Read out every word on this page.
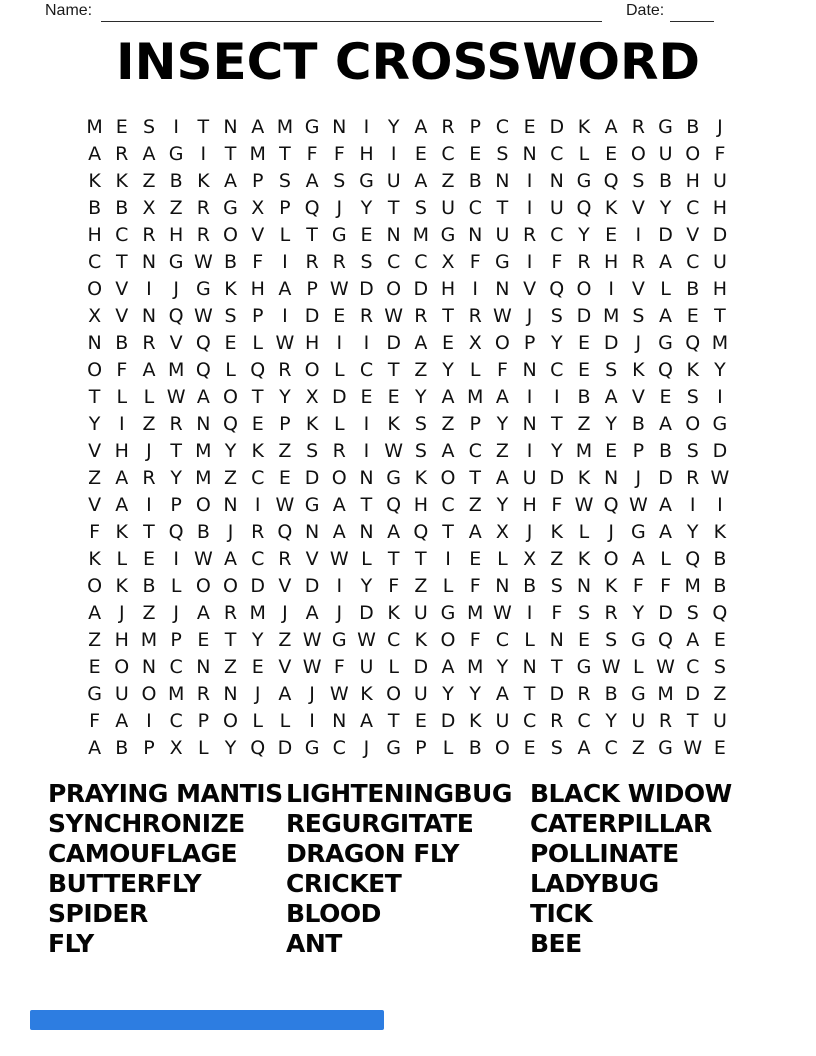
Name:	Date:
INSECT CROSSWORD
M E S I T N A M G N I Y A R P C E D K A R G B J
A R A G I T M T F F H I E C E S N C L E O U O F
K K Z B K A P S A S G U A Z B N I N G Q S B H U
B B X Z R G X P Q J Y T S U C T I U Q K V Y C H
H C R H R O V L T G E N M G N U R C Y E I D V D
C T N G W B F I R R S C C X F G I F R H R A C U
O V I	J G K H A P W D O D H I N V Q O I V L B H
X V N Q W S P I D E R W R T R W J S D M S A E T
N B R V Q E L W H I	I D A E X O P Y E D J G Q M
O F A M Q L Q R O L C T Z Y L F N C E S K Q K Y
T L L W A O T Y X D E E Y A M A I	I B A V E S I
Y I Z R N Q E P K L	I K S Z P Y N T Z Y B A O G
V H J T M Y K Z S R I W S A C Z I Y M E P B S D
Z A R Y M Z C E D O N G K O T A U D K N J D R W
V A I P O N I W G A T Q H C Z Y H F W Q W A I	I
F K T Q B J R Q N A N A Q T A X J K L	J G A Y K
K L E I W A C R V W L T T I E L X Z K O A L Q B
O K B L O O D V D I Y F Z L F N B S N K F F M B
A J Z J A R M J A J D K U G M W I F S R Y D S Q
Z H M P E T Y Z W G W C K O F C L N E S G Q A E
E O N C N Z E V W F U L D A M Y N T G W L W C S
G U O M R N J A J W K O U Y Y A T D R B G M D Z
F A I C P O L L	I N A T E D K U C R C Y U R T U
A B P X L Y Q D G C J G P L B O E S A C Z G W E
PRAYING MANTIS
SYNCHRONIZE
CAMOUFLAGE
BUTTERFLY
SPIDER
FLY
LIGHTENINGBUG
REGURGITATE
DRAGON FLY
CRICKET
BLOOD
ANT
BLACK WIDOW
CATERPILLAR
POLLINATE
LADYBUG
TICK
BEE
